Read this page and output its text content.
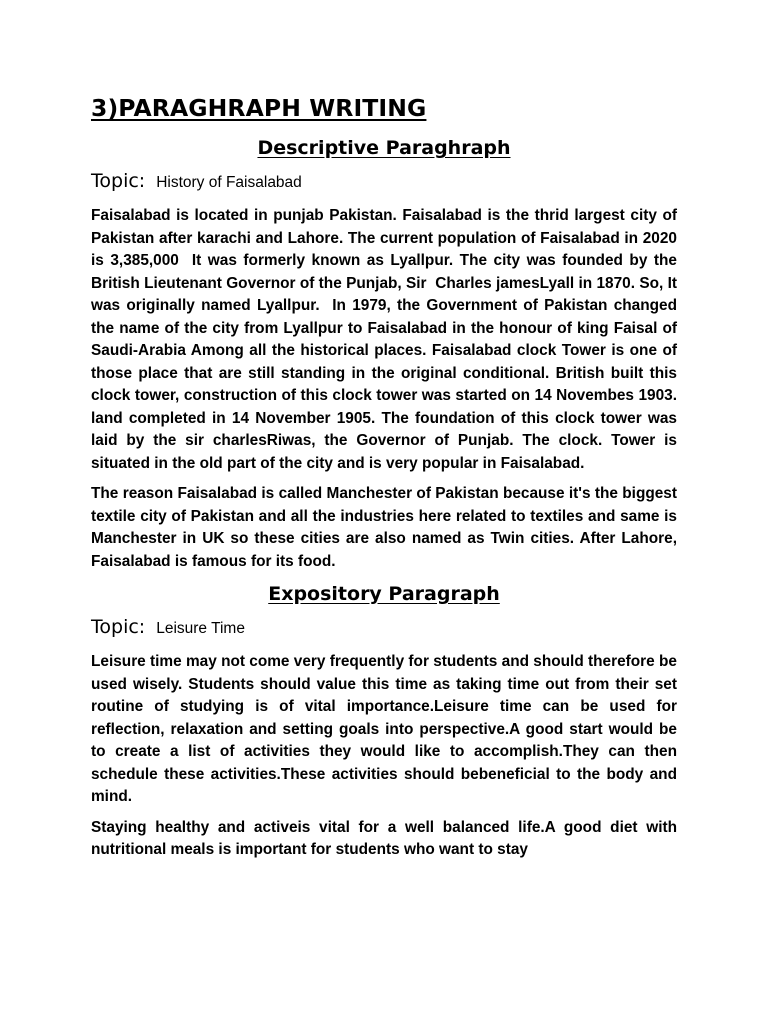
3)PARAGHRAPH WRITING
Descriptive Paraghraph

Topic: History of Faisalabad

Faisalabad is located in punjab Pakistan. Faisalabad is the thrid largest city of Pakistan after karachi and Lahore. The current population of Faisalabad in 2020 is 3,385,000  It was formerly known as Lyallpur. The city was founded by the British Lieutenant Governor of the Punjab, Sir  Charles jamesLyall in 1870. So, It was originally named Lyallpur.  In 1979, the Government of Pakistan changed the name of the city from Lyallpur to Faisalabad in the honour of king Faisal of Saudi-Arabia Among all the historical places. Faisalabad clock Tower is one of those place that are still standing in the original conditional. British built this clock tower, construction of this clock tower was started on 14 Novembes 1903. land completed in 14 November 1905. The foundation of this clock tower was laid by the sir charlesRiwas, the Governor of Punjab. The clock. Tower is situated in the old part of the city and is very popular in Faisalabad.

The reason Faisalabad is called Manchester of Pakistan because it's the biggest textile city of Pakistan and all the industries here related to textiles and same is Manchester in UK so these cities are also named as Twin cities. After Lahore, Faisalabad is famous for its food.

Expository Paragraph

Topic: Leisure Time

Leisure time may not come very frequently for students and should therefore be used wisely. Students should value this time as taking time out from their set routine of studying is of vital importance.Leisure time can be used for reflection, relaxation and setting goals into perspective.A good start would be to create a list of activities they would like to accomplish.They can then schedule these activities.These activities should bebeneficial to the body and mind.

Staying healthy and activeis vital for a well balanced life.A good diet with nutritional meals is important for students who want to stay
